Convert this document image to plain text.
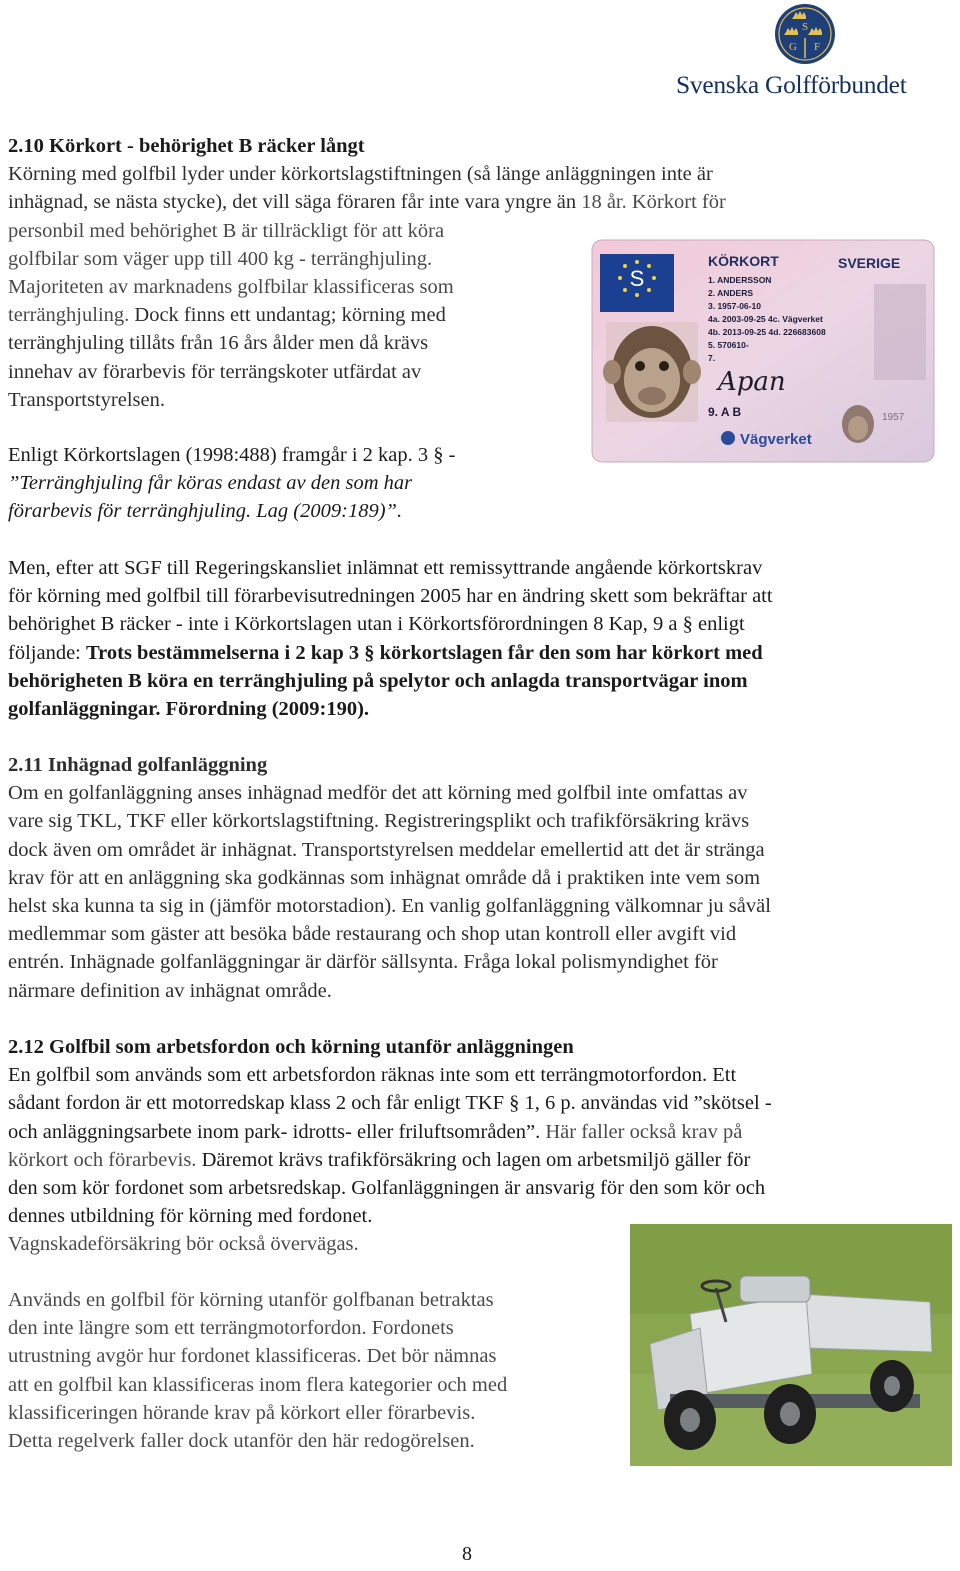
S
G F
Svenska Golfförbundet

2.10 Körkort - behörighet B räcker långt

Körning med golfbil lyder under körkortslagstiftningen (så länge anläggningen inte är

inhägnad, se nästa stycke), det vill säga föraren får inte vara yngre än 18 år. Körkort för

personbil med behörighet B är tillräckligt för att köra

golfbilar som väger upp till 400 kg - terränghjuling.

Majoriteten av marknadens golfbilar klassificeras som

terränghjuling. Dock finns ett undantag; körning med

terränghjuling tillåts från 16 års ålder men då krävs

innehav av förarbevis för terrängskoter utfärdat av

Transportstyrelsen.

Enligt Körkortslagen (1998:488) framgår i 2 kap. 3 § -

”Terränghjuling får köras endast av den som har

förarbevis för terränghjuling. Lag (2009:189)”.

S
KÖRKORT	SVERIGE
1. ANDERSSON
2. ANDERS
3. 1957-06-10
4a. 2003-09-25 4c. Vägverket
4b. 2013-09-25 4d. 226683608
5. 570610-
7.
9. A B
Apan
1957
Vägverket

Men, efter att SGF till Regeringskansliet inlämnat ett remissyttrande angående körkortskrav

för körning med golfbil till förarbevisutredningen 2005 har en ändring skett som bekräftar att

behörighet B räcker - inte i Körkortslagen utan i Körkortsförordningen 8 Kap, 9 a § enligt

följande: Trots bestämmelserna i 2 kap 3 § körkortslagen får den som har körkort med

behörigheten B köra en terränghjuling på spelytor och anlagda transportvägar inom

golfanläggningar. Förordning (2009:190).

2.11 Inhägnad golfanläggning

Om en golfanläggning anses inhägnad medför det att körning med golfbil inte omfattas av

vare sig TKL, TKF eller körkortslagstiftning. Registreringsplikt och trafikförsäkring krävs

dock även om området är inhägnat. Transportstyrelsen meddelar emellertid att det är stränga

krav för att en anläggning ska godkännas som inhägnat område då i praktiken inte vem som

helst ska kunna ta sig in (jämför motorstadion). En vanlig golfanläggning välkomnar ju såväl

medlemmar som gäster att besöka både restaurang och shop utan kontroll eller avgift vid

entrén. Inhägnade golfanläggningar är därför sällsynta. Fråga lokal polismyndighet för

närmare definition av inhägnat område.

2.12 Golfbil som arbetsfordon och körning utanför anläggningen

En golfbil som används som ett arbetsfordon räknas inte som ett terrängmotorfordon. Ett

sådant fordon är ett motorredskap klass 2 och får enligt TKF § 1, 6 p. användas vid ”skötsel -

och anläggningsarbete inom park- idrotts- eller friluftsområden”. Här faller också krav på

körkort och förarbevis. Däremot krävs trafikförsäkring och lagen om arbetsmiljö gäller för

den som kör fordonet som arbetsredskap. Golfanläggningen är ansvarig för den som kör och

dennes utbildning för körning med fordonet.

Vagnskadeförsäkring bör också övervägas.

Används en golfbil för körning utanför golfbanan betraktas

den inte längre som ett terrängmotorfordon. Fordonets

utrustning avgör hur fordonet klassificeras. Det bör nämnas

att en golfbil kan klassificeras inom flera kategorier och med

klassificeringen hörande krav på körkort eller förarbevis.

Detta regelverk faller dock utanför den här redogörelsen.

8
